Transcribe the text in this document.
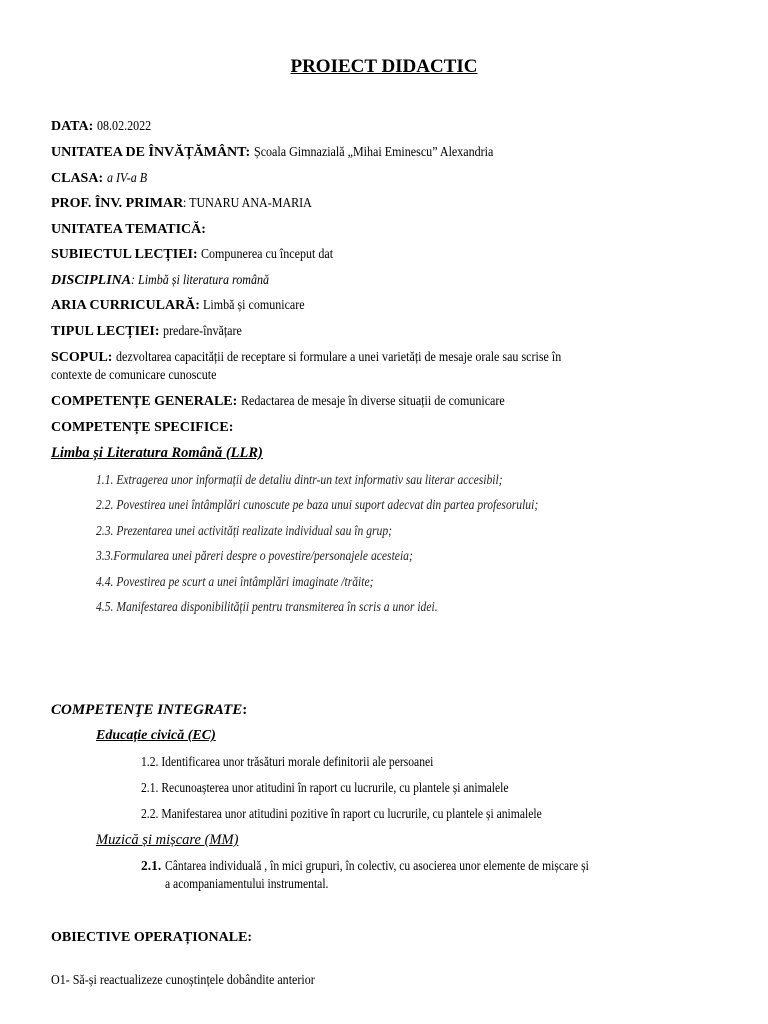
PROIECT DIDACTIC
DATA: 08.02.2022
UNITATEA DE ÎNVĂȚĂMÂNT: Școala Gimnazială „Mihai Eminescu” Alexandria
CLASA: a IV-a B
PROF. ÎNV. PRIMAR: TUNARU ANA-MARIA
UNITATEA TEMATICĂ:
SUBIECTUL LECȚIEI: Compunerea cu început dat
DISCIPLINA: Limbă și literatura română
ARIA CURRICULARĂ: Limbă și comunicare
TIPUL LECȚIEI: predare-învățare
SCOPUL: dezvoltarea capacității de receptare si formulare a unei varietăți de mesaje orale sau scrise în
contexte de comunicare cunoscute
COMPETENȚE GENERALE: Redactarea de mesaje în diverse situații de comunicare
COMPETENȚE SPECIFICE:
Limba și Literatura Română (LLR)
1.1. Extragerea unor informații de detaliu dintr-un text informativ sau literar accesibil;
2.2. Povestirea unei întâmplări cunoscute pe baza unui suport adecvat din partea profesorului;
2.3. Prezentarea unei activități realizate individual sau în grup;
3.3.Formularea unei păreri despre o povestire/personajele acesteia;
4.4. Povestirea pe scurt a unei întâmplări imaginate /trăite;
4.5. Manifestarea disponibilității pentru transmiterea în scris a unor idei.
COMPETENŢE INTEGRATE:
Educație civică (EC)
1.2. Identificarea unor trăsături morale definitorii ale persoanei
2.1. Recunoașterea unor atitudini în raport cu lucrurile, cu plantele și animalele
2.2. Manifestarea unor atitudini pozitive în raport cu lucrurile, cu plantele și animalele
Muzică și mișcare (MM)
2.1. Cântarea individuală , în mici grupuri, în colectiv, cu asocierea unor elemente de mișcare și
a acompaniamentului instrumental.
OBIECTIVE OPERAȚIONALE:
O1- Să-și reactualizeze cunoștințele dobândite anterior
